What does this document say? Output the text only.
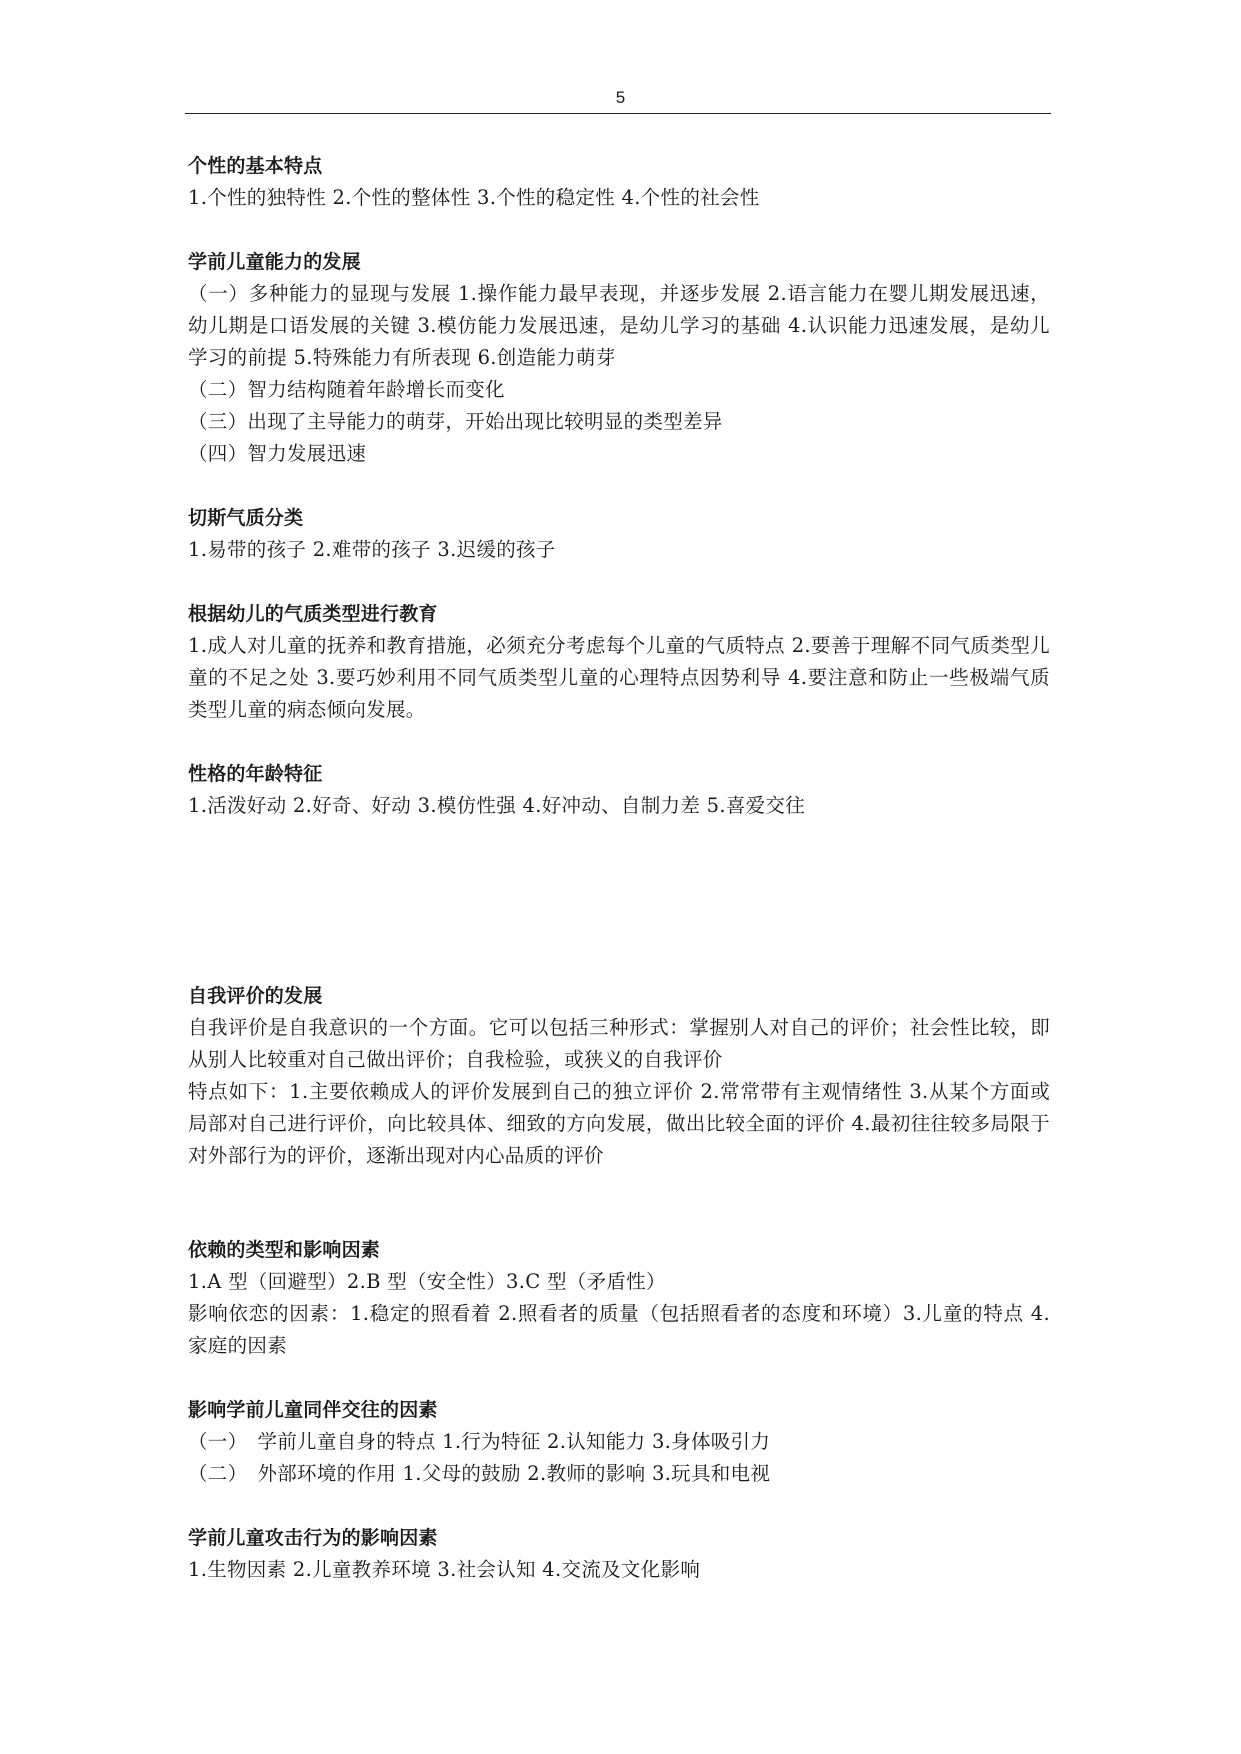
5

个性的基本特点

1.个性的独特性 2.个性的整体性 3.个性的稳定性 4.个性的社会性

学前儿童能力的发展

（一）多种能力的显现与发展 1.操作能力最早表现，并逐步发展 2.语言能力在婴儿期发展迅速，幼儿期是口语发展的关键 3.模仿能力发展迅速，是幼儿学习的基础 4.认识能力迅速发展，是幼儿学习的前提 5.特殊能力有所表现 6.创造能力萌芽

（二）智力结构随着年龄增长而变化

（三）出现了主导能力的萌芽，开始出现比较明显的类型差异

（四）智力发展迅速

切斯气质分类

1.易带的孩子 2.难带的孩子 3.迟缓的孩子

根据幼儿的气质类型进行教育

1.成人对儿童的抚养和教育措施，必须充分考虑每个儿童的气质特点 2.要善于理解不同气质类型儿童的不足之处 3.要巧妙利用不同气质类型儿童的心理特点因势利导 4.要注意和防止一些极端气质类型儿童的病态倾向发展。

性格的年龄特征

1.活泼好动 2.好奇、好动 3.模仿性强 4.好冲动、自制力差 5.喜爱交往

自我评价的发展

自我评价是自我意识的一个方面。它可以包括三种形式：掌握别人对自己的评价；社会性比较，即从别人比较重对自己做出评价；自我检验，或狭义的自我评价

特点如下：1.主要依赖成人的评价发展到自己的独立评价 2.常常带有主观情绪性 3.从某个方面或局部对自己进行评价，向比较具体、细致的方向发展，做出比较全面的评价 4.最初往往较多局限于对外部行为的评价，逐渐出现对内心品质的评价

依赖的类型和影响因素

1.A 型（回避型）2.B 型（安全性）3.C 型（矛盾性）

影响依恋的因素：1.稳定的照看着 2.照看者的质量（包括照看者的态度和环境）3.儿童的特点 4.家庭的因素

影响学前儿童同伴交往的因素

（一）　学前儿童自身的特点 1.行为特征 2.认知能力 3.身体吸引力

（二）　外部环境的作用 1.父母的鼓励 2.教师的影响 3.玩具和电视

学前儿童攻击行为的影响因素

1.生物因素 2.儿童教养环境 3.社会认知 4.交流及文化影响
